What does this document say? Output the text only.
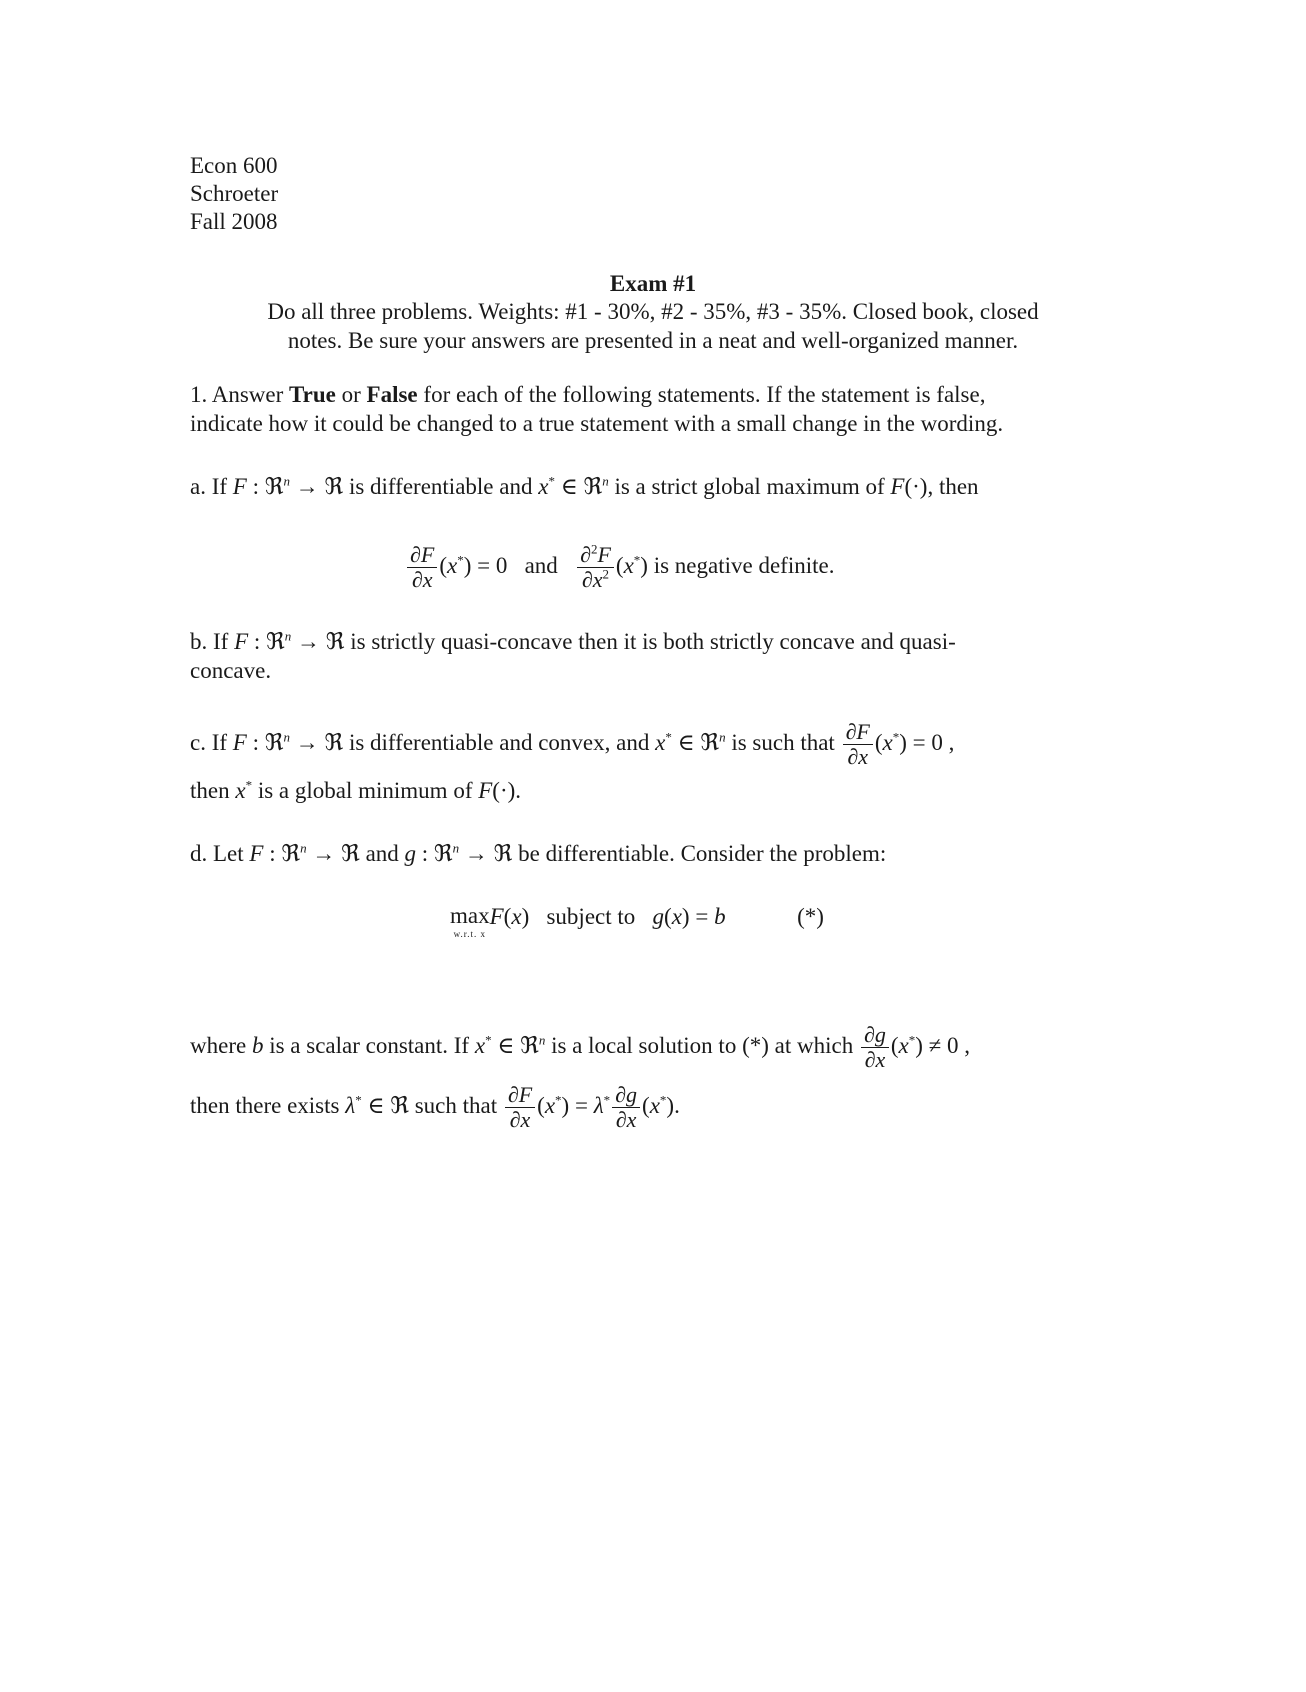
Econ 600
Schroeter
Fall 2008
Exam #1
Do all three problems. Weights: #1 - 30%, #2 - 35%, #3 - 35%. Closed book, closed
notes. Be sure your answers are presented in a neat and well-organized manner.
1. Answer True or False for each of the following statements. If the statement is false,
indicate how it could be changed to a true statement with a small change in the wording.
a. If F : ℜ$^n$ → ℜ is differentiable and x* ∈ ℜ$^n$ is a strict global maximum of F(·), then
$\frac{\partial F}{\partial x} (x^*) = 0$ and $\frac{\partial^2F}{\partial x^2} (x^*)$ is negative definite.
b. If F : ℜ$^n$ → ℜ is strictly quasi-concave then it is both strictly concave and quasi-
concave.
c. If F : ℜ$^n$ → ℜ is differentiable and convex, and x* ∈ ℜ$^n$ is such that $\frac{\partial F}{\partial x} (x^*) = 0$ ,
then x* is a global minimum of F(·).
d. Let F : ℜ$^n$ → ℜ and g : ℜ$^n$ → ℜ be differentiable. Consider the problem:
max
w.r.t. x
F(x) subject to g(x) = b	(*)
where b is a scalar constant. If x* ∈ ℜ$^n$ is a local solution to (*) at which $\frac{\partial g}{\partial x} (x^*) \ne 0$ ,
then there exists λ* ∈ ℜ such that $\frac{\partial F}{\partial x} (x^*) = \lambda^* \frac{\partial g}{\partial x} (x^*)$.
